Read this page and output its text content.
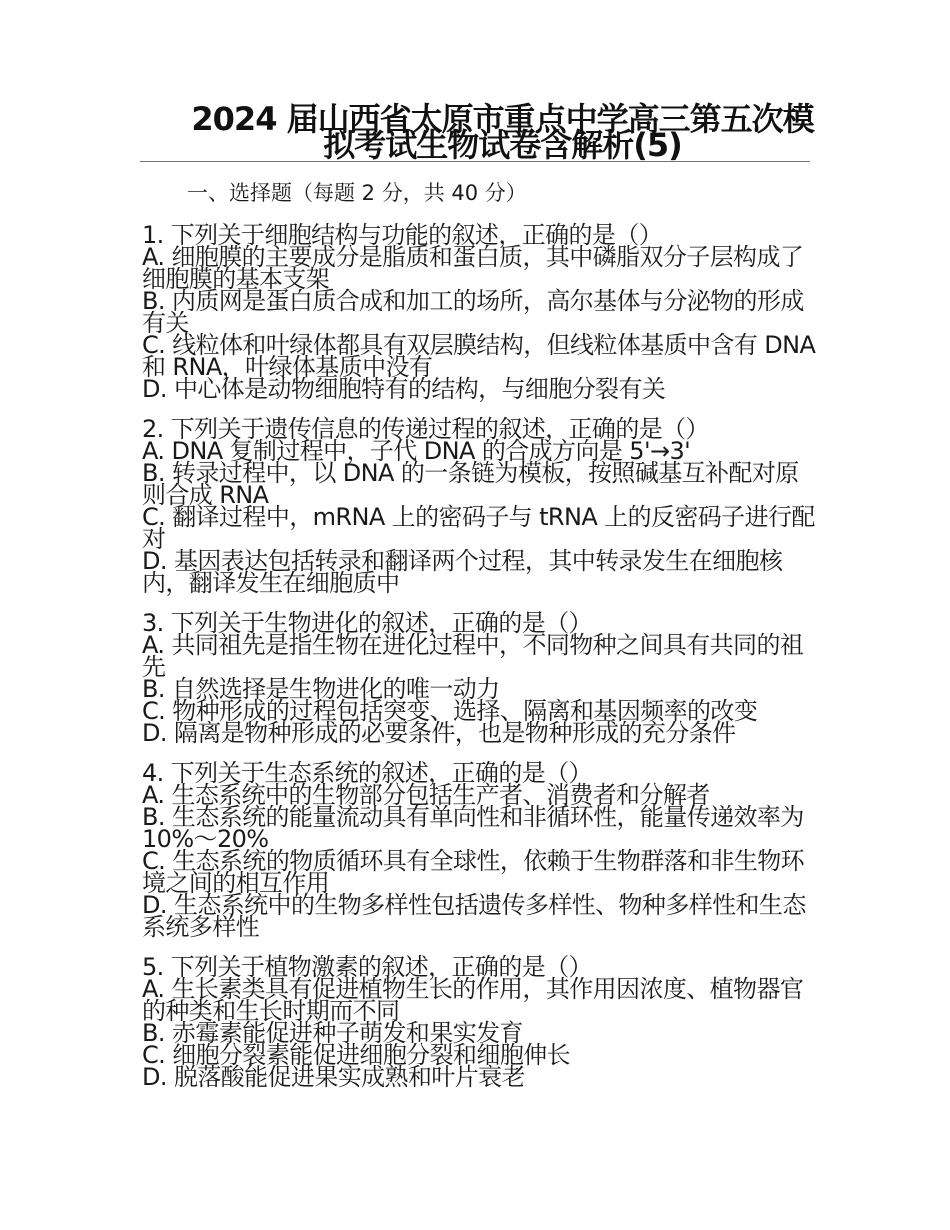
2024 届山西省太原市重点中学高三第五次模拟考试生物试卷含解析(5)
一、选择题（每题 2 分，共 40 分）
1. 下列关于细胞结构与功能的叙述，正确的是（）
A. 细胞膜的主要成分是脂质和蛋白质，其中磷脂双分子层构成了细胞膜的基本支架
B. 内质网是蛋白质合成和加工的场所，高尔基体与分泌物的形成有关
C. 线粒体和叶绿体都具有双层膜结构，但线粒体基质中含有 DNA 和 RNA，叶绿体基质中没有
D. 中心体是动物细胞特有的结构，与细胞分裂有关
2. 下列关于遗传信息的传递过程的叙述，正确的是（）
A. DNA 复制过程中，子代 DNA 的合成方向是 5'→3'
B. 转录过程中，以 DNA 的一条链为模板，按照碱基互补配对原则合成 RNA
C. 翻译过程中，mRNA 上的密码子与 tRNA 上的反密码子进行配对
D. 基因表达包括转录和翻译两个过程，其中转录发生在细胞核内，翻译发生在细胞质中
3. 下列关于生物进化的叙述，正确的是（）
A. 共同祖先是指生物在进化过程中，不同物种之间具有共同的祖先
B. 自然选择是生物进化的唯一动力
C. 物种形成的过程包括突变、选择、隔离和基因频率的改变
D. 隔离是物种形成的必要条件，也是物种形成的充分条件
4. 下列关于生态系统的叙述，正确的是（）
A. 生态系统中的生物部分包括生产者、消费者和分解者
B. 生态系统的能量流动具有单向性和非循环性，能量传递效率为 10%～20%
C. 生态系统的物质循环具有全球性，依赖于生物群落和非生物环境之间的相互作用
D. 生态系统中的生物多样性包括遗传多样性、物种多样性和生态系统多样性
5. 下列关于植物激素的叙述，正确的是（）
A. 生长素类具有促进植物生长的作用，其作用因浓度、植物器官的种类和生长时期而不同
B. 赤霉素能促进种子萌发和果实发育
C. 细胞分裂素能促进细胞分裂和细胞伸长
D. 脱落酸能促进果实成熟和叶片衰老
